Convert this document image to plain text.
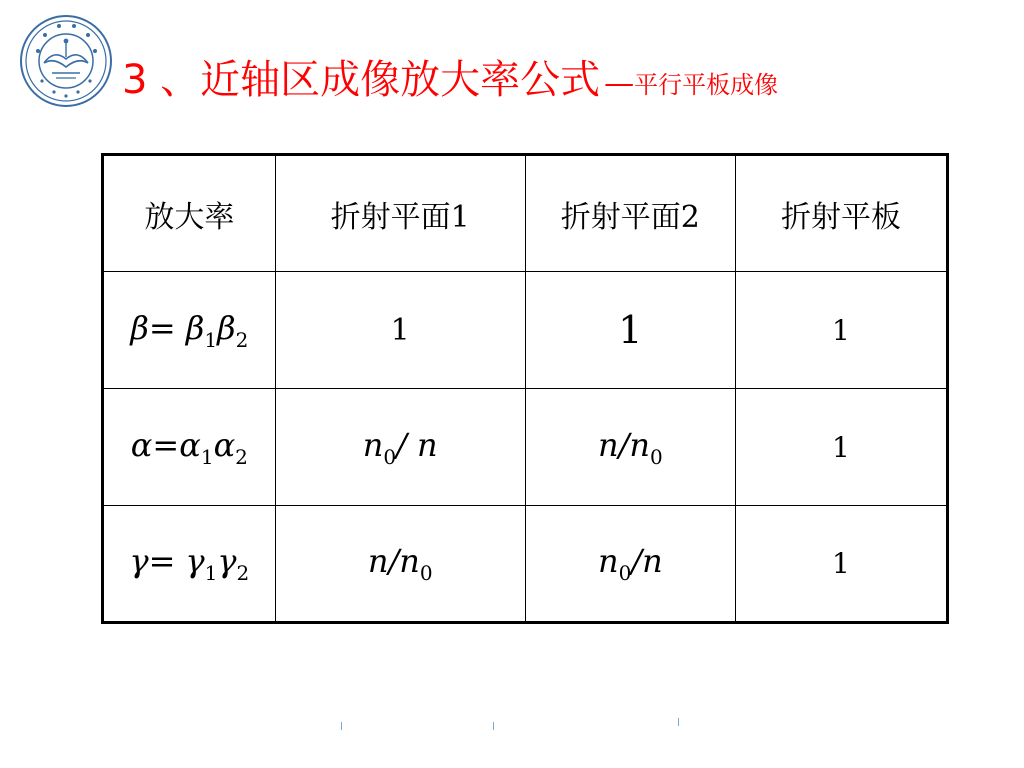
3 、近轴区成像放大率公式 — 平行平板成像
放大率	折射平面1	折射平面2	折射平板
$\beta= \beta_1\beta_2$	1	1	1
$\alpha=\alpha_1\alpha_2$	$n_0/$ n	$n/n_0$	1
$\gamma= \gamma_1\gamma_2$	$n/n_0$	$n_0/n$	1
